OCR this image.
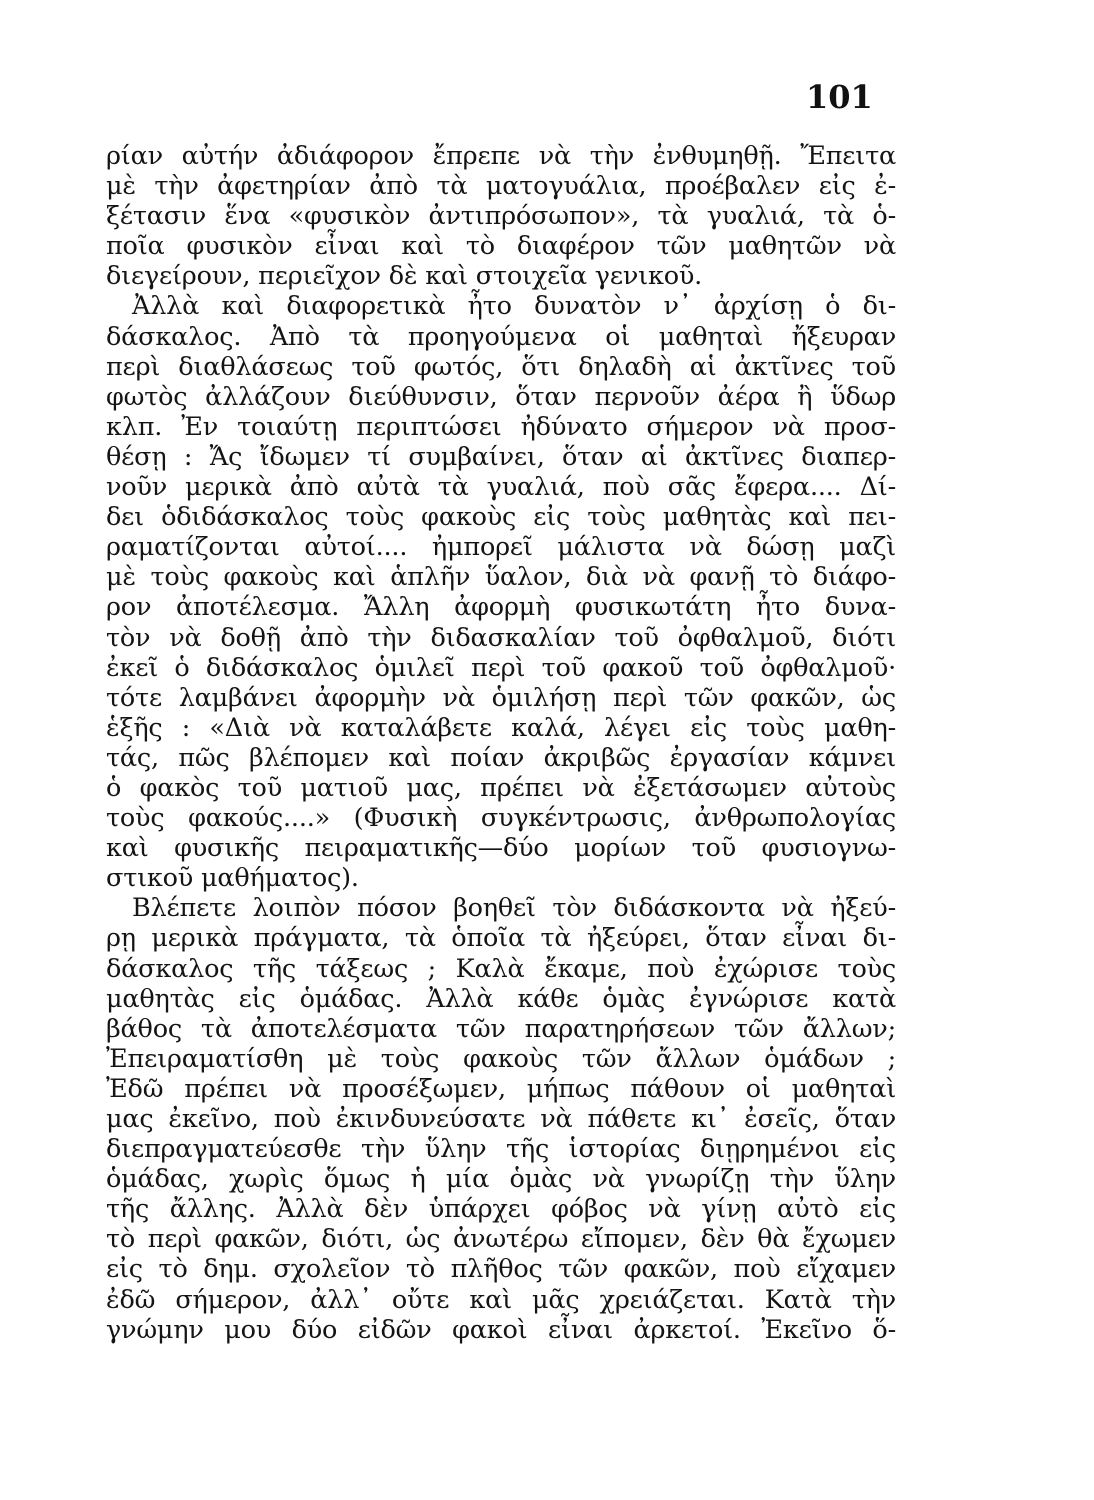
101
ρίαν αὐτήν ἀδιάφορον ἔπρεπε νὰ τὴν ἐνθυμηθῇ. Ἔπειτα
μὲ τὴν ἀφετηρίαν ἀπὸ τὰ ματογυάλια, προέβαλεν εἰς ἐ-
ξέτασιν ἕνα «φυσικὸν ἀντιπρόσωπον», τὰ γυαλιά, τὰ ὁ-
ποῖα φυσικὸν εἶναι καὶ τὸ διαφέρον τῶν μαθητῶν νὰ
διεγείρουν, περιεῖχον δὲ καὶ στοιχεῖα γενικοῦ.
Ἀλλὰ καὶ διαφορετικὰ ἦτο δυνατὸν ν᾽ ἀρχίσῃ ὁ δι-
δάσκαλος. Ἀπὸ τὰ προηγούμενα οἱ μαθηταὶ ἤξευραν
περὶ διαθλάσεως τοῦ φωτός, ὅτι δηλαδὴ αἱ ἀκτῖνες τοῦ
φωτὸς ἀλλάζουν διεύθυνσιν, ὅταν περνοῦν ἀέρα ἢ ὕδωρ
κλπ. Ἐν τοιαύτῃ περιπτώσει ἠδύνατο σήμερον νὰ προσ-
θέσῃ : Ἄς ἴδωμεν τί συμβαίνει, ὅταν αἱ ἀκτῖνες διαπερ-
νοῦν μερικὰ ἀπὸ αὐτὰ τὰ γυαλιά, ποὺ σᾶς ἔφερα.... Δί-
δει ὁδιδάσκαλος τοὺς φακοὺς εἰς τοὺς μαθητὰς καὶ πει-
ραματίζονται αὐτοί.... ἠμπορεῖ μάλιστα νὰ δώσῃ μαζὶ
μὲ τοὺς φακοὺς καὶ ἁπλῆν ὕαλον, διὰ νὰ φανῇ τὸ διάφο-
ρον ἀποτέλεσμα. Ἄλλη ἀφορμὴ φυσικωτάτη ἦτο δυνα-
τὸν νὰ δοθῇ ἀπὸ τὴν διδασκαλίαν τοῦ ὀφθαλμοῦ, διότι
ἐκεῖ ὁ διδάσκαλος ὁμιλεῖ περὶ τοῦ φακοῦ τοῦ ὀφθαλμοῦ·
τότε λαμβάνει ἀφορμὴν νὰ ὁμιλήσῃ περὶ τῶν φακῶν, ὡς
ἑξῆς : «Διὰ νὰ καταλάβετε καλά, λέγει εἰς τοὺς μαθη-
τάς, πῶς βλέπομεν καὶ ποίαν ἀκριβῶς ἐργασίαν κάμνει
ὁ φακὸς τοῦ ματιοῦ μας, πρέπει νὰ ἐξετάσωμεν αὐτοὺς
τοὺς φακούς....» (Φυσικὴ συγκέντρωσις, ἀνθρωπολογίας
καὶ φυσικῆς πειραματικῆς—δύο μορίων τοῦ φυσιογνω-
στικοῦ μαθήματος).
Βλέπετε λοιπὸν πόσον βοηθεῖ τὸν διδάσκοντα νὰ ἠξεύ-
ρῃ μερικὰ πράγματα, τὰ ὁποῖα τὰ ἠξεύρει, ὅταν εἶναι δι-
δάσκαλος τῆς τάξεως ; Καλὰ ἔκαμε, ποὺ ἐχώρισε τοὺς
μαθητὰς εἰς ὁμάδας. Ἀλλὰ κάθε ὁμὰς ἐγνώρισε κατὰ
βάθος τὰ ἀποτελέσματα τῶν παρατηρήσεων τῶν ἄλλων;
Ἐπειραματίσθη μὲ τοὺς φακοὺς τῶν ἄλλων ὁμάδων ;
Ἐδῶ πρέπει νὰ προσέξωμεν, μήπως πάθουν οἱ μαθηταὶ
μας ἐκεῖνο, ποὺ ἐκινδυνεύσατε νὰ πάθετε κι᾽ ἐσεῖς, ὅταν
διεπραγματεύεσθε τὴν ὕλην τῆς ἱστορίας διῃρημένοι εἰς
ὁμάδας, χωρὶς ὅμως ἡ μία ὁμὰς νὰ γνωρίζῃ τὴν ὕλην
τῆς ἄλλης. Ἀλλὰ δὲν ὑπάρχει φόβος νὰ γίνῃ αὐτὸ εἰς
τὸ περὶ φακῶν, διότι, ὡς ἀνωτέρω εἴπομεν, δὲν θὰ ἔχωμεν
εἰς τὸ δημ. σχολεῖον τὸ πλῆθος τῶν φακῶν, ποὺ εἴχαμεν
ἐδῶ σήμερον, ἀλλ᾽ οὔτε καὶ μᾶς χρειάζεται. Κατὰ τὴν
γνώμην μου δύο εἰδῶν φακοὶ εἶναι ἀρκετοί. Ἐκεῖνο ὅ-
